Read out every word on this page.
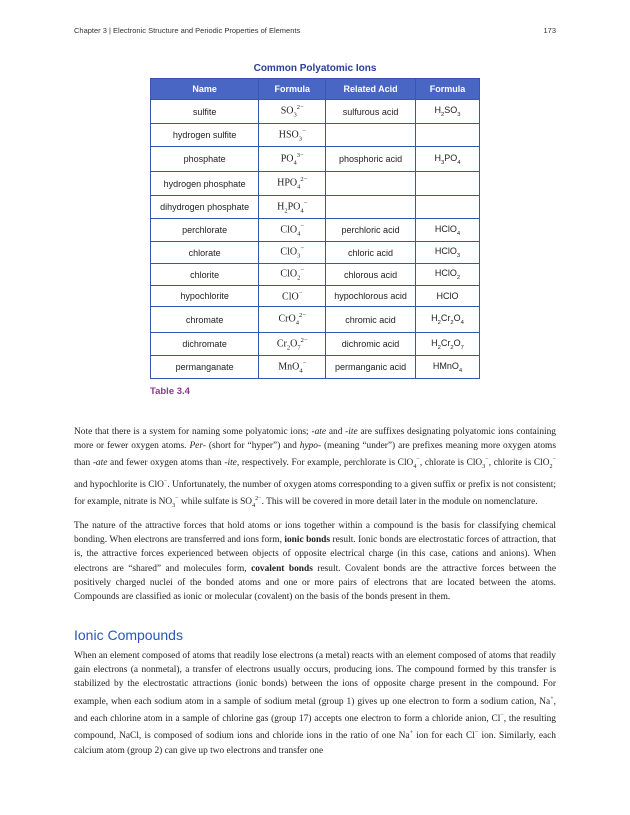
Chapter 3 | Electronic Structure and Periodic Properties of Elements	173
Common Polyatomic Ions
Name	Formula	Related Acid	Formula
sulfite	$SO_3^{2-}$	sulfurous acid	$H_2SO_3$
hydrogen sulfite	$HSO_3^-$		
phosphate	$PO_4^{3-}$	phosphoric acid	$H_3PO_4$
hydrogen phosphate	$HPO_4^{2-}$		
dihydrogen phosphate	$H_2PO_4^-$		
perchlorate	ClO$_4$−	perchloric acid	HClO$_4$
chlorate	ClO$_3$−	chloric acid	HClO$_3$
chlorite	ClO$_2$−	chlorous acid	HClO$_2$
hypochlorite	ClO−	hypochlorous acid	HClO
chromate	CrO$_4^{2-}$	chromic acid	$H_2Cr_2O_4$
dichromate	$Cr_2O_7^{2-}$	dichromic acid	$H_2Cr_2O_7$
permanganate	MnO$_4$−	permanganic acid	HMnO$_4$
Table 3.4
Note that there is a system for naming some polyatomic ions; -ate and -ite are suffixes designating polyatomic ions containing more or fewer oxygen atoms. Per- (short for “hyper”) and hypo- (meaning “under”) are prefixes meaning more oxygen atoms than -ate and fewer oxygen atoms than -ite, respectively. For example, perchlorate is ClO$_4$−, chlorate is ClO$_3$−, chlorite is ClO$_2$− and hypochlorite is ClO−. Unfortunately, the number of oxygen atoms corresponding to a given suffix or prefix is not consistent; for example, nitrate is $NO_3^-$ while sulfate is $SO_4^{2-}$. This will be covered in more detail later in the module on nomenclature.
The nature of the attractive forces that hold atoms or ions together within a compound is the basis for classifying chemical bonding. When electrons are transferred and ions form, ionic bonds result. Ionic bonds are electrostatic forces of attraction, that is, the attractive forces experienced between objects of opposite electrical charge (in this case, cations and anions). When electrons are “shared” and molecules form, covalent bonds result. Covalent bonds are the attractive forces between the positively charged nuclei of the bonded atoms and one or more pairs of electrons that are located between the atoms. Compounds are classified as ionic or molecular (covalent) on the basis of the bonds present in them.
Ionic Compounds
When an element composed of atoms that readily lose electrons (a metal) reacts with an element composed of atoms that readily gain electrons (a nonmetal), a transfer of electrons usually occurs, producing ions. The compound formed by this transfer is stabilized by the electrostatic attractions (ionic bonds) between the ions of opposite charge present in the compound. For example, when each sodium atom in a sample of sodium metal (group 1) gives up one electron to form a sodium cation, Na+, and each chlorine atom in a sample of chlorine gas (group 17) accepts one electron to form a chloride anion, Cl−, the resulting compound, NaCl, is composed of sodium ions and chloride ions in the ratio of one Na+ ion for each Cl− ion. Similarly, each calcium atom (group 2) can give up two electrons and transfer one
